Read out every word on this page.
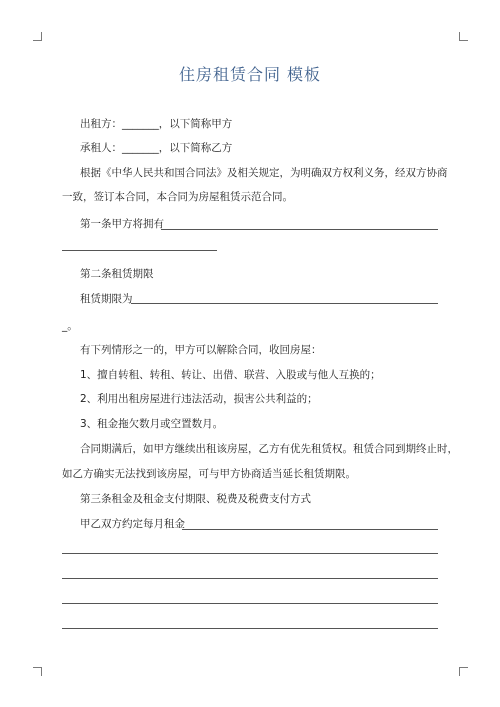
住房租赁合同 模板
出租方：_______，以下简称甲方
承租人：_______，以下简称乙方
根据《中华人民共和国合同法》及相关规定，为明确双方权利义务，经双方协商
一致，签订本合同，本合同为房屋租赁示范合同。
第一条甲方将拥有
第二条租赁期限
租赁期限为
_。
有下列情形之一的，甲方可以解除合同，收回房屋：
1、擅自转租、转租、转让、出借、联营、入股或与他人互换的；
2、利用出租房屋进行违法活动，损害公共利益的；
3、租金拖欠数月或空置数月。
合同期满后，如甲方继续出租该房屋，乙方有优先租赁权。租赁合同到期终止时，
如乙方确实无法找到该房屋，可与甲方协商适当延长租赁期限。
第三条租金及租金支付期限、税费及税费支付方式
甲乙双方约定每月租金
